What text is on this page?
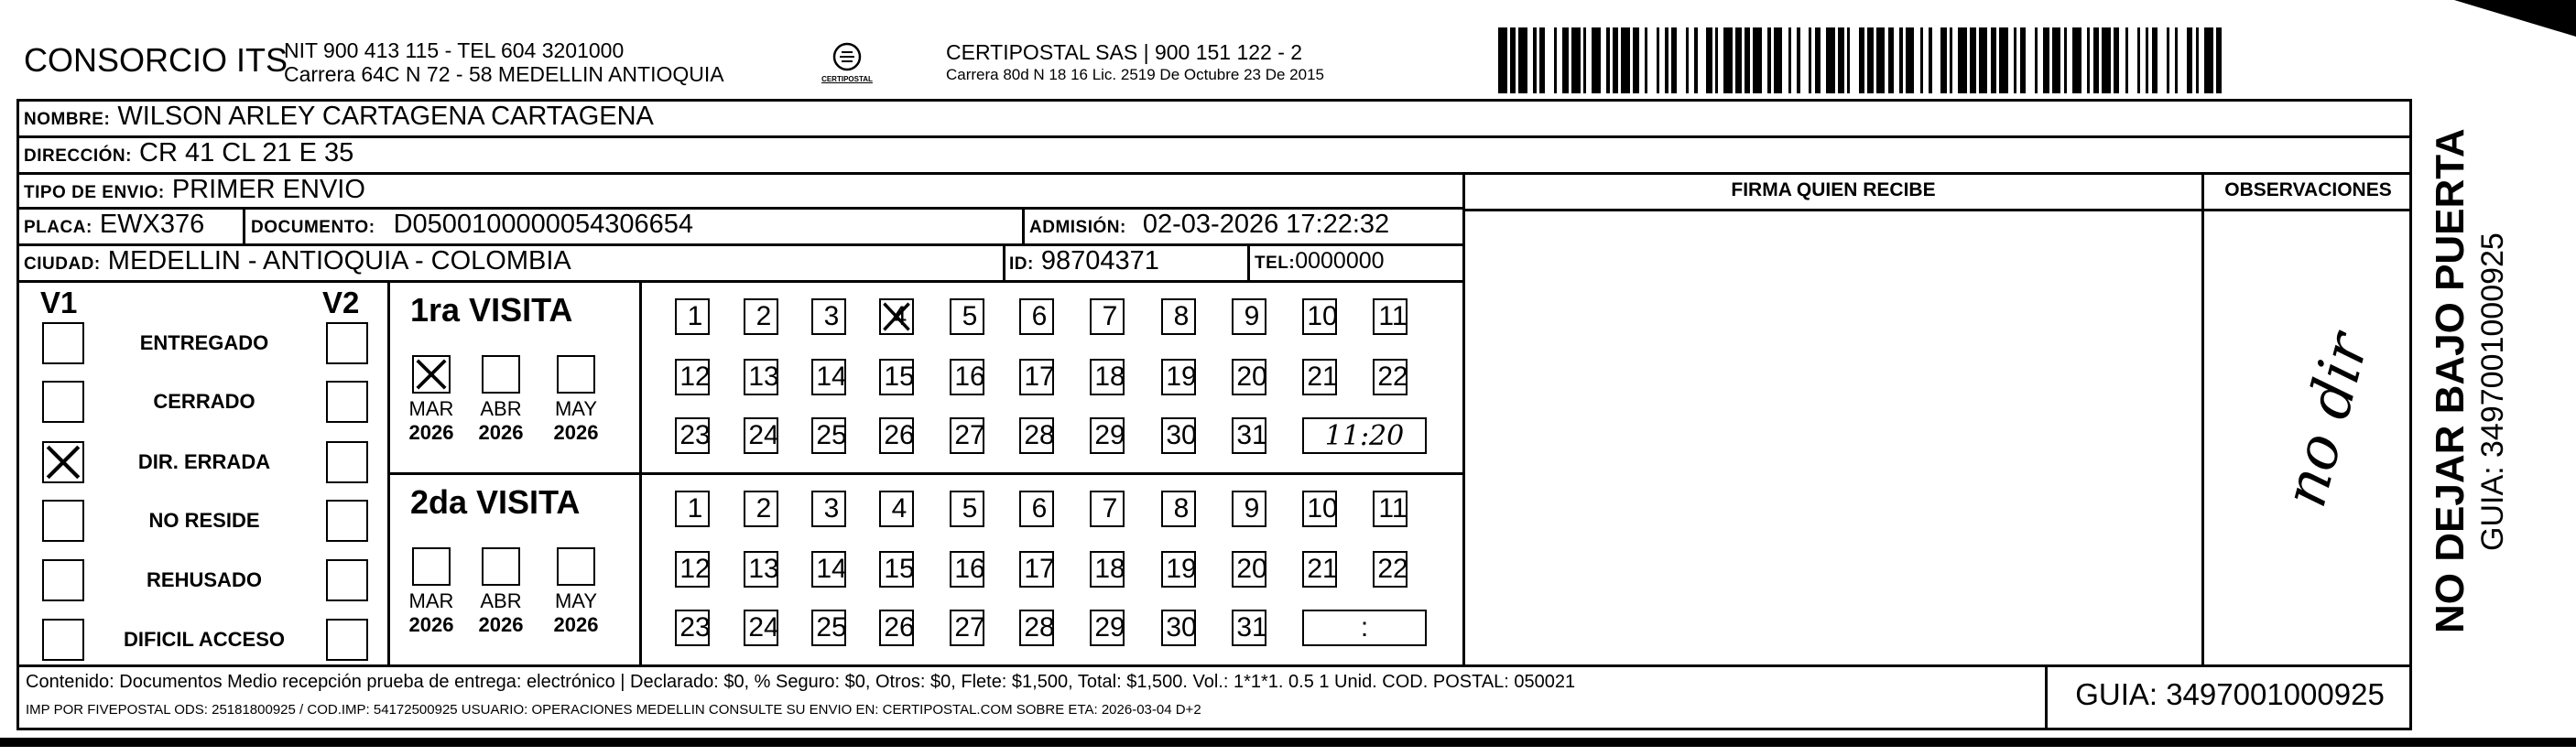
CONSORCIO ITS
NIT 900 413 115 - TEL 604 3201000
Carrera 64C N 72 - 58 MEDELLIN ANTIOQUIA	CERTIPOSTAL
CERTIPOSTAL SAS | 900 151 122 - 2
Carrera 80d N 18 16 Lic. 2519 De Octubre 23 De 2015
NOMBRE: WILSON ARLEY CARTAGENA CARTAGENA
DIRECCIÓN: CR 41 CL 21 E 35
TIPO DE ENVIO: PRIMER ENVIO
PLACA: EWX376	DOCUMENTO: D0500100000054306654	ADMISIÓN: 02-03-2026 17:22:32
CIUDAD: MEDELLIN - ANTIOQUIA - COLOMBIA	ID: 98704371	TEL:0000000
FIRMA QUIEN RECIBE	OBSERVACIONES
no dir
V1	V2
ENTREGADO
CERRADO
DIR. ERRADA
NO RESIDE
REHUSADO
DIFICIL ACCESO
1ra VISITA
MAR
2026
ABR
2026
MAY
2026
1 2 3 4 5 6 7 8 9 10 11
12 13 14 15 16 17 18 19 20 21 22
23 24 25 26 27 28 29 30 31 11:20
2da VISITA
MAR
2026
ABR
2026
MAY
2026
1 2 3 4 5 6 7 8 9 10 11
12 13 14 15 16 17 18 19 20 21 22
23 24 25 26 27 28 29 30 31	:
Contenido: Documentos Medio recepción prueba de entrega: electrónico | Declarado: $0, % Seguro: $0, Otros: $0, Flete: $1,500, Total: $1,500. Vol.: 1*1*1. 0.5 1 Unid. COD. POSTAL: 050021
IMP POR FIVEPOSTAL ODS: 25181800925 / COD.IMP: 54172500925 USUARIO: OPERACIONES MEDELLIN CONSULTE SU ENVIO EN: CERTIPOSTAL.COM SOBRE ETA: 2026-03-04 D+2	GUIA: 3497001000925
NO DEJAR BAJO PUERTA GUIA: 3497001000925
